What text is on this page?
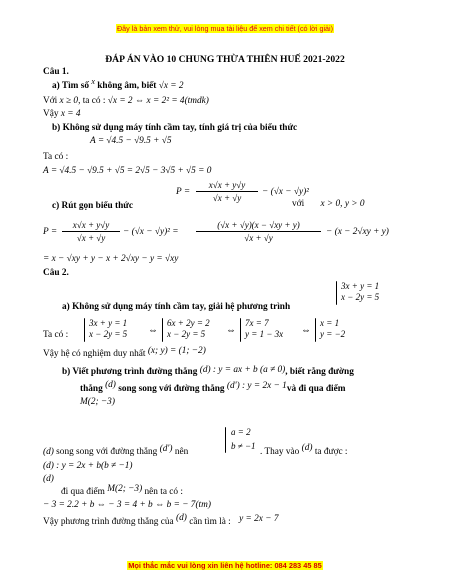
Đây là bản xem thử, vui lòng mua tài liệu để xem chi tiết (có lời giải)
ĐÁP ÁN VÀO 10 CHUNG THỪA THIÊN HUẾ 2021-2022
Câu 1.
a) Tìm số x không âm, biết √x = 2
Với x ≥ 0, ta có : √x = 2 ⇔ x = 2² = 4(tmdk)
Vậy x = 4
b) Không sử dụng máy tính cầm tay, tính giá trị của biểu thức
A = √4.5 − √9.5 + √5
Ta có :
A = √4.5 − √9.5 + √5 = 2√5 − 3√5 + √5 = 0
P =
x√x + y√y
√x + √y
− (√x − √y)²
c) Rút gọn biểu thức	với x > 0, y > 0
P =
x√x + y√y
√x + √y
− (√x − √y)² =
(√x + √y)(x − √xy + y)
√x + √y
− (x − 2√xy + y)
= x − √xy + y − x + 2√xy − y = √xy
Câu 2.
3x + y = 1
x − 2y = 5
a) Không sử dụng máy tính cầm tay, giải hệ phương trình
Ta có :
3x + y = 1
x − 2y = 5 ⇔
6x + 2y = 2
x − 2y = 5	⇔
7x = 7
y = 1 − 3x ⇔
x = 1
y = −2
Vậy hệ có nghiệm duy nhất (x; y) = (1; −2)
b) Viết phương trình đường thẳng (d) : y = ax + b (a ≠ 0), biết rằng đường
thẳng (d) song song với đường thẳng (d') : y = 2x − 1và đi qua điểm
M(2; −3)
(d) song song với đường thẳng (d') nên
a = 2
b ≠ −1
. Thay vào (d) ta được :
(d) : y = 2x + b(b ≠ −1)
(d)
đi qua điểm M(2; −3) nên ta có :
− 3 = 2.2 + b ⇔ − 3 = 4 + b ⇔ b = − 7(tm)
Vậy phương trình đường thẳng của (d) cần tìm là : y = 2x − 7
Mọi thắc mắc vui lòng xin liên hệ hotline: 084 283 45 85
